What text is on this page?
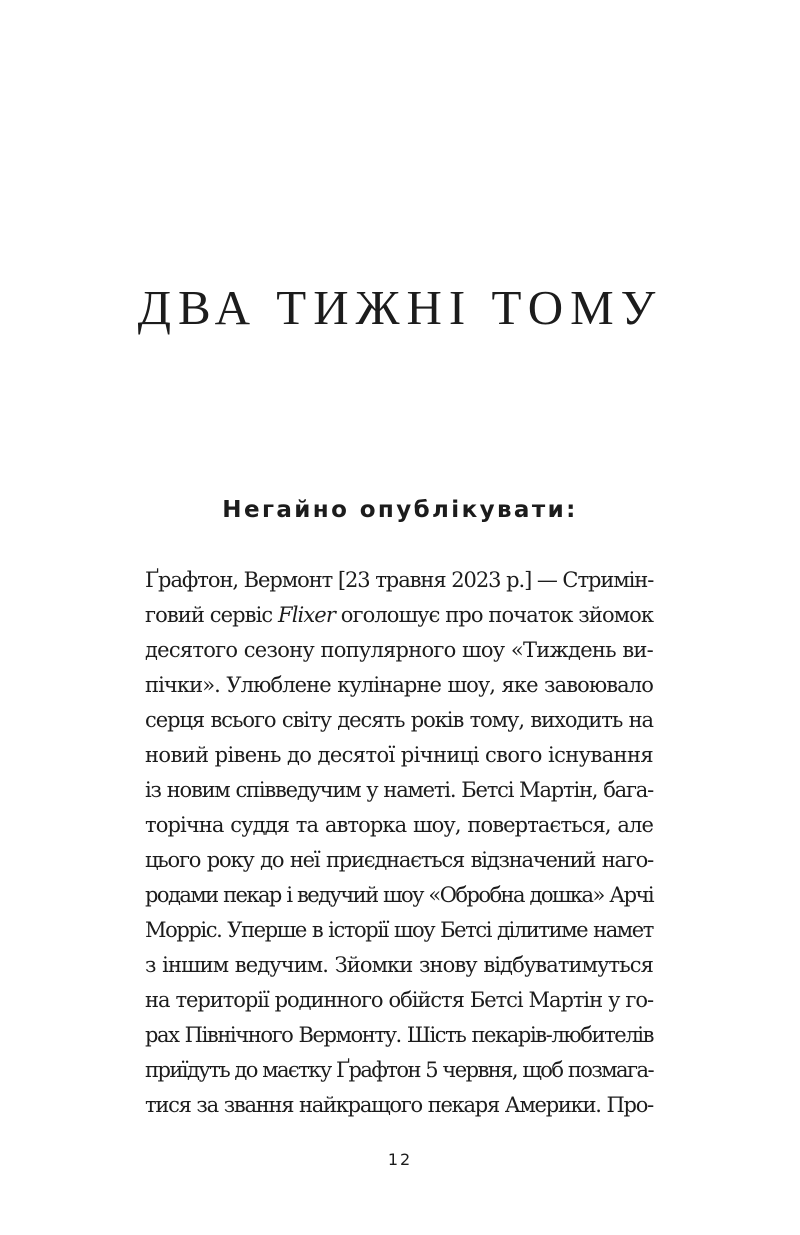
ДВА ТИЖНІ ТОМУ
Негайно опублікувати:
Ґрафтон, Вермонт [23 травня 2023 р.] — Стримін-
говий сервіс Flixer оголошує про початок зйомок
десятого сезону популярного шоу «Тиждень ви-
пічки». Улюблене кулінарне шоу, яке завоювало
серця всього світу десять років тому, виходить на
новий рівень до десятої річниці свого існування
із новим співведучим у наметі. Бетсі Мартін, бага-
торічна суддя та авторка шоу, повертається, але
цього року до неї приєднається відзначений наго-
родами пекар і ведучий шоу «Обробна дошка» Арчі
Морріс. Уперше в історії шоу Бетсі ділитиме намет
з іншим ведучим. Зйомки знову відбуватимуться
на території родинного обійстя Бетсі Мартін у го-
рах Північного Вермонту. Шість пекарів-любителів
приїдуть до маєтку Ґрафтон 5 червня, щоб позмага-
тися за звання найкращого пекаря Америки. Про-
12
